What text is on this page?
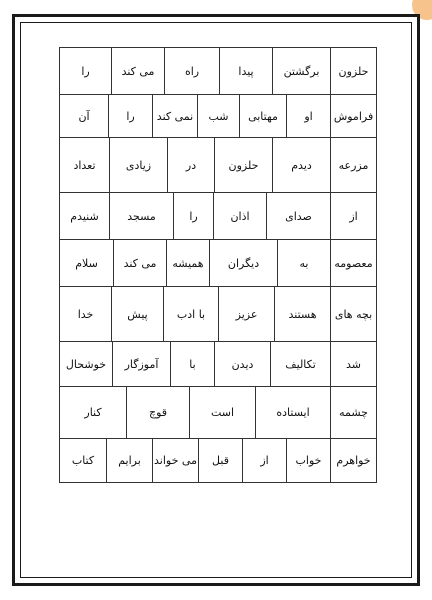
حلزون
برگشتن
پیدا
راه
می کند
را
فراموش
او
مهتابی
شب
نمی کند
را
آن
مزرعه
دیدم
حلزون
در
زیادی
تعداد
از
صدای
اذان
را
مسجد
شنیدم
معصومه
به
دیگران
همیشه
می کند
سلام
بچه های
هستند
عزیز
با ادب
پیش
خدا
شد
تکالیف
دیدن
با
آموزگار
خوشحال
چشمه
ایستاده
است
قوچ
کنار
خواهرم
خواب
از
قبل
می خواند
برایم
کتاب
